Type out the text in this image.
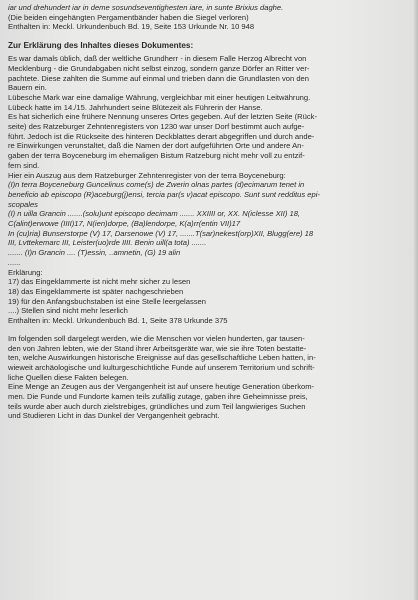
iar und drehundert iar in deme sosundseventighesten iare, in sunte Brixius daghe.

(Die beiden eingehängten Pergamentbänder haben die Siegel verloren)

Enthalten in: Meckl. Urkundenbuch Bd. 19, Seite 153 Urkunde Nr. 10 948

Zur Erklärung des Inhaltes dieses Dokumentes:

Es war damals üblich, daß der weltliche Grundherr - in diesem Falle Herzog Albrecht von

Mecklenburg - die Grundabgaben nicht selbst einzog, sondern ganze Dörfer an Ritter ver-

pachtete. Diese zahlten die Summe auf einmal und trieben dann die Grundlasten von den

Bauern ein.

Lübesche Mark war eine damalige Währung, vergleichbar mit einer heutigen Leitwährung.

Lübeck hatte im 14./15. Jahrhundert seine Blütezeit als Führerin der Hanse.

Es hat sicherlich eine frühere Nennung unseres Ortes gegeben. Auf der letzten Seite (Rück-

seite) des Ratzeburger Zehntenregisters von 1230 war unser Dorf bestimmt auch aufge-

führt. Jedoch ist die Rückseite des hinteren Deckblattes derart abgegriffen und durch ande-

re Einwirkungen verunstaltet, daß die Namen der dort aufgeführten Orte und andere An-

gaben der terra Boyceneburg im ehemaligen Bistum Ratzeburg nicht mehr voll zu entzif-

fern sind.

Hier ein Auszug aus dem Ratzeburger Zehntenregister von der terra Boyceneburg:

(I)n terra Boyceneburg Guncelinus come(s) de Zwerin olnas partes (d)ecimarum tenet in

beneficio ab episcopo (R)aceburg(j)ensi, tercia par(s v)acat episcopo. Sunt sunt redditus epi-

scopales

(I) n uilla Grancin .......(solu)unt episcopo decimam ....... XXIIII or, XX. N(iclesse XII) 18,

C(alint)erwowe (IIII)17, N(ien)dorpe, (Ba)lendorpe, K(a)rr(entin VII)17

In (cu)ria) Bunserstorpe (V) 17, Darsenowe (V) 17, .......T(sar)nekest(orp)XII, Blugg(ere) 18

III, Lvttekemarc III, Leister(uo)rde IIII. Benin uill(a tota) .......

....... (I)n Grancin .... (T)essin, ..amnetin, (G) 19 alin

......

Erklärung:

17) das Eingeklammerte ist nicht mehr sicher zu lesen

18) das Eingeklammerte ist später nachgeschrieben

19) für den Anfangsbuchstaben ist eine Stelle leergelassen

....) Stellen sind nicht mehr leserlich

Enthalten in: Meckl. Urkundenbuch Bd. 1, Seite 378 Urkunde 375

Im folgenden soll dargelegt werden, wie die Menschen vor vielen hunderten, gar tausen-

den von Jahren lebten, wie der Stand ihrer Arbeitsgeräte war, wie sie ihre Toten bestatte-

ten, welche Auswirkungen historische Ereignisse auf das gesellschaftliche Leben hatten, in-

wieweit archäologische und kulturgeschichtliche Funde auf unserem Territorium und schrift-

liche Quellen diese Fakten belegen.

Eine Menge an Zeugen aus der Vergangenheit ist auf unsere heutige Generation überkom-

men. Die Funde und Fundorte kamen teils zufällig zutage, gaben ihre Geheimnisse preis,

teils wurde aber auch durch zielstrebiges, gründliches und zum Teil langwieriges Suchen

und Studieren Licht in das Dunkel der Vergangenheit gebracht.
